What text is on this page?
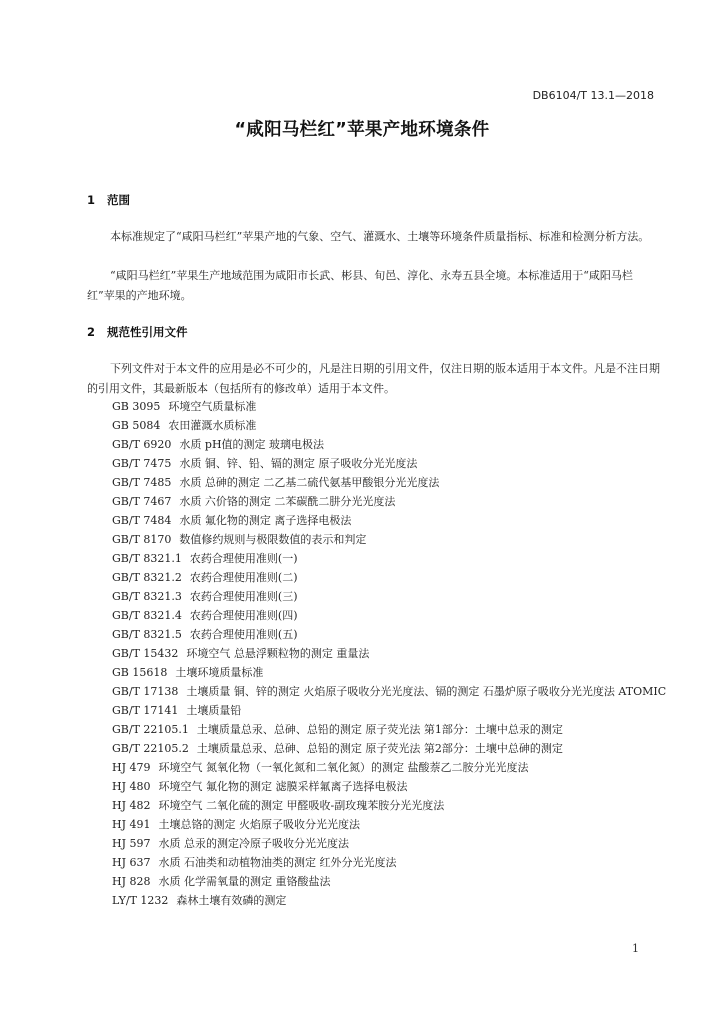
DB6104/T 13.1—2018
“咸阳马栏红”苹果产地环境条件
1 范围

本标准规定了“咸阳马栏红”苹果产地的气象、空气、灌溉水、土壤等环境条件质量指标、标准和检测分析方法。

“咸阳马栏红”苹果生产地域范围为咸阳市长武、彬县、旬邑、淳化、永寿五县全境。本标准适用于“咸阳马栏红”苹果的产地环境。

2 规范性引用文件

下列文件对于本文件的应用是必不可少的，凡是注日期的引用文件，仅注日期的版本适用于本文件。凡是不注日期的引用文件，其最新版本（包括所有的修改单）适用于本文件。

GB 3095 环境空气质量标准
GB 5084 农田灌溉水质标准
GB/T 6920 水质 pH值的测定 玻璃电极法
GB/T 7475 水质 铜、锌、铅、镉的测定 原子吸收分光光度法
GB/T 7485 水质 总砷的测定 二乙基二硫代氨基甲酸银分光光度法
GB/T 7467 水质 六价铬的测定 二苯碳酰二肼分光光度法
GB/T 7484 水质 氟化物的测定 离子选择电极法
GB/T 8170 数值修约规则与极限数值的表示和判定
GB/T 8321.1 农药合理使用准则(一)
GB/T 8321.2 农药合理使用准则(二)
GB/T 8321.3 农药合理使用准则(三)
GB/T 8321.4 农药合理使用准则(四)
GB/T 8321.5 农药合理使用准则(五)
GB/T 15432 环境空气 总悬浮颗粒物的测定 重量法
GB 15618 土壤环境质量标准
GB/T 17138 土壤质量 铜、锌的测定 火焰原子吸收分光光度法、镉的测定 石墨炉原子吸收分光光度法 ATOMIC
GB/T 17141 土壤质量铅
GB/T 22105.1 土壤质量总汞、总砷、总铅的测定 原子荧光法 第1部分：土壤中总汞的测定
GB/T 22105.2 土壤质量总汞、总砷、总铅的测定 原子荧光法 第2部分：土壤中总砷的测定
HJ 479 环境空气 氮氧化物（一氧化氮和二氧化氮）的测定 盐酸萘乙二胺分光光度法
HJ 480 环境空气 氟化物的测定 滤膜采样氟离子选择电极法
HJ 482 环境空气 二氧化硫的测定 甲醛吸收-副玫瑰苯胺分光光度法
HJ 491 土壤总铬的测定 火焰原子吸收分光光度法
HJ 597 水质 总汞的测定冷原子吸收分光光度法
HJ 637 水质 石油类和动植物油类的测定 红外分光光度法
HJ 828 水质 化学需氧量的测定 重铬酸盐法
LY/T 1232 森林土壤有效磷的测定
1
